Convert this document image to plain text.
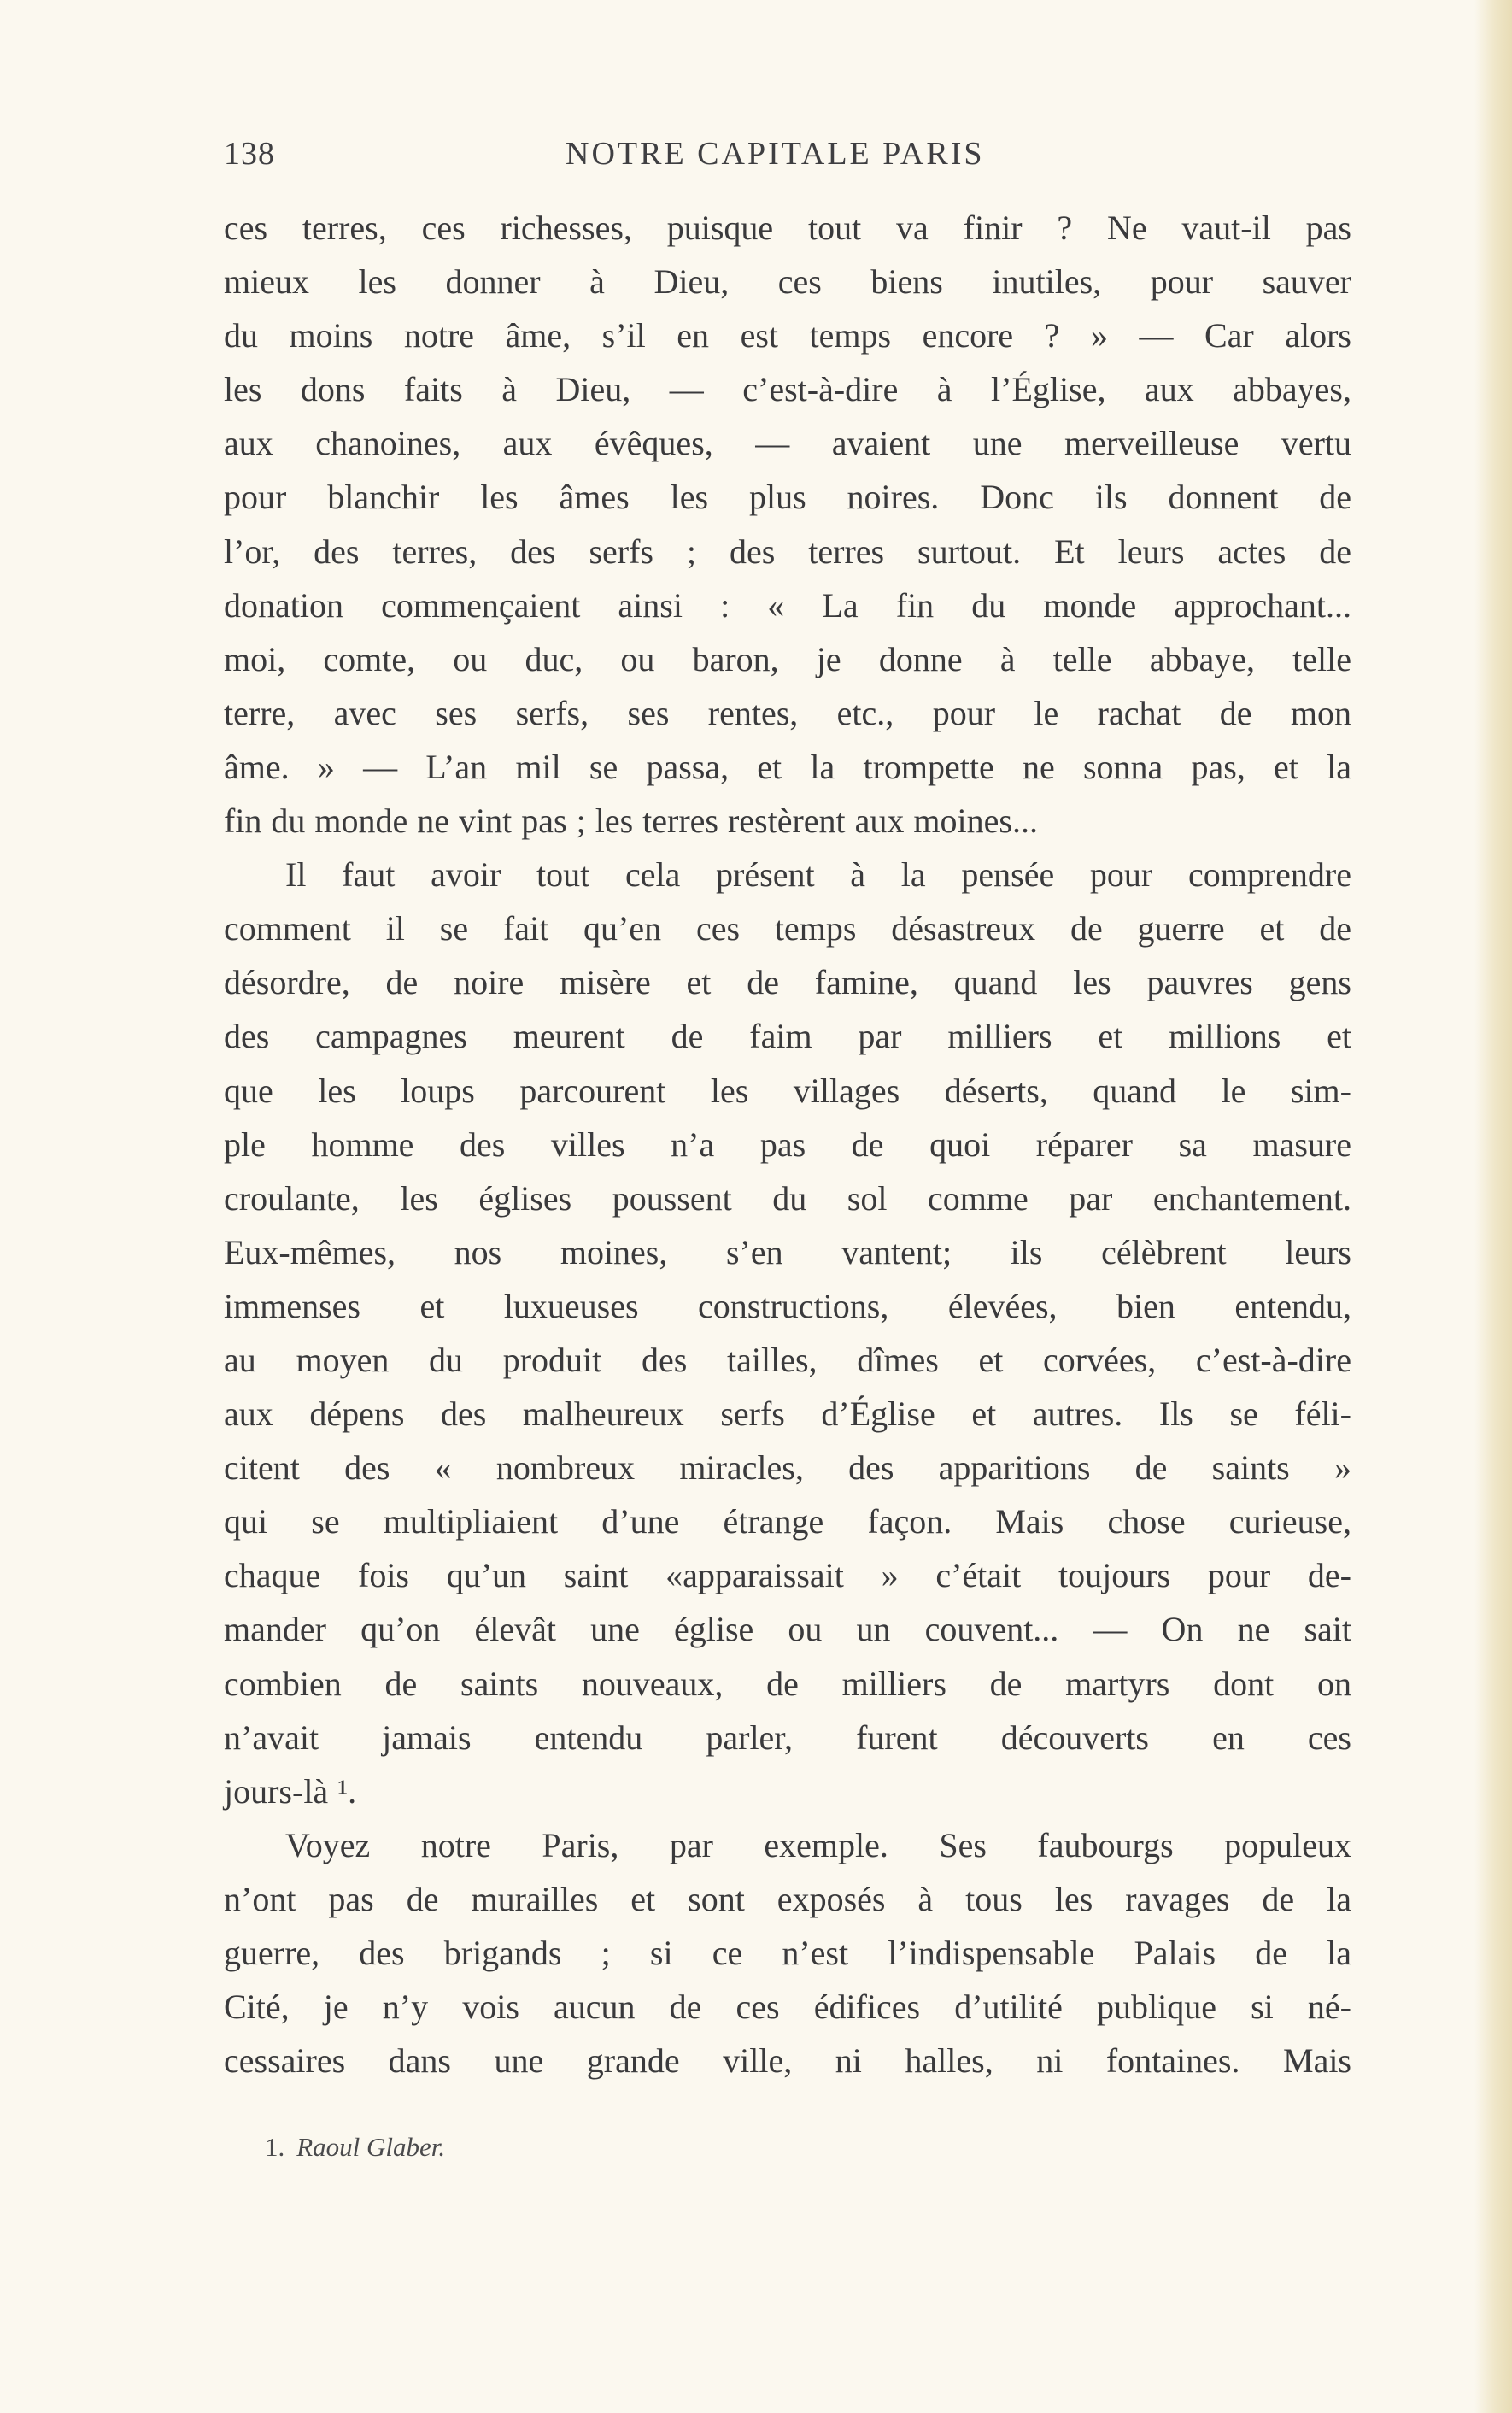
138	NOTRE CAPITALE PARIS
ces terres, ces richesses, puisque tout va finir ? Ne vaut-il pas
mieux les donner à Dieu, ces biens inutiles, pour sauver
du moins notre âme, s’il en est temps encore ? » — Car alors
les dons faits à Dieu, — c’est-à-dire à l’Église, aux abbayes,
aux chanoines, aux évêques, — avaient une merveilleuse vertu
pour blanchir les âmes les plus noires. Donc ils donnent de
l’or, des terres, des serfs ; des terres surtout. Et leurs actes de
donation commençaient ainsi : « La fin du monde approchant...
moi, comte, ou duc, ou baron, je donne à telle abbaye, telle
terre, avec ses serfs, ses rentes, etc., pour le rachat de mon
âme. » — L’an mil se passa, et la trompette ne sonna pas, et la
fin du monde ne vint pas ; les terres restèrent aux moines...
Il faut avoir tout cela présent à la pensée pour comprendre
comment il se fait qu’en ces temps désastreux de guerre et de
désordre, de noire misère et de famine, quand les pauvres gens
des campagnes meurent de faim par milliers et millions et
que les loups parcourent les villages déserts, quand le sim-
ple homme des villes n’a pas de quoi réparer sa masure
croulante, les églises poussent du sol comme par enchantement.
Eux-mêmes, nos moines, s’en vantent; ils célèbrent leurs
immenses et luxueuses constructions, élevées, bien entendu,
au moyen du produit des tailles, dîmes et corvées, c’est-à-dire
aux dépens des malheureux serfs d’Église et autres. Ils se féli-
citent des « nombreux miracles, des apparitions de saints »
qui se multipliaient d’une étrange façon. Mais chose curieuse,
chaque fois qu’un saint «apparaissait » c’était toujours pour de-
mander qu’on élevât une église ou un couvent... — On ne sait
combien de saints nouveaux, de milliers de martyrs dont on
n’avait jamais entendu parler, furent découverts en ces
jours-là ¹.
Voyez notre Paris, par exemple. Ses faubourgs populeux
n’ont pas de murailles et sont exposés à tous les ravages de la
guerre, des brigands ; si ce n’est l’indispensable Palais de la
Cité, je n’y vois aucun de ces édifices d’utilité publique si né-
cessaires dans une grande ville, ni halles, ni fontaines. Mais
1. Raoul Glaber.
